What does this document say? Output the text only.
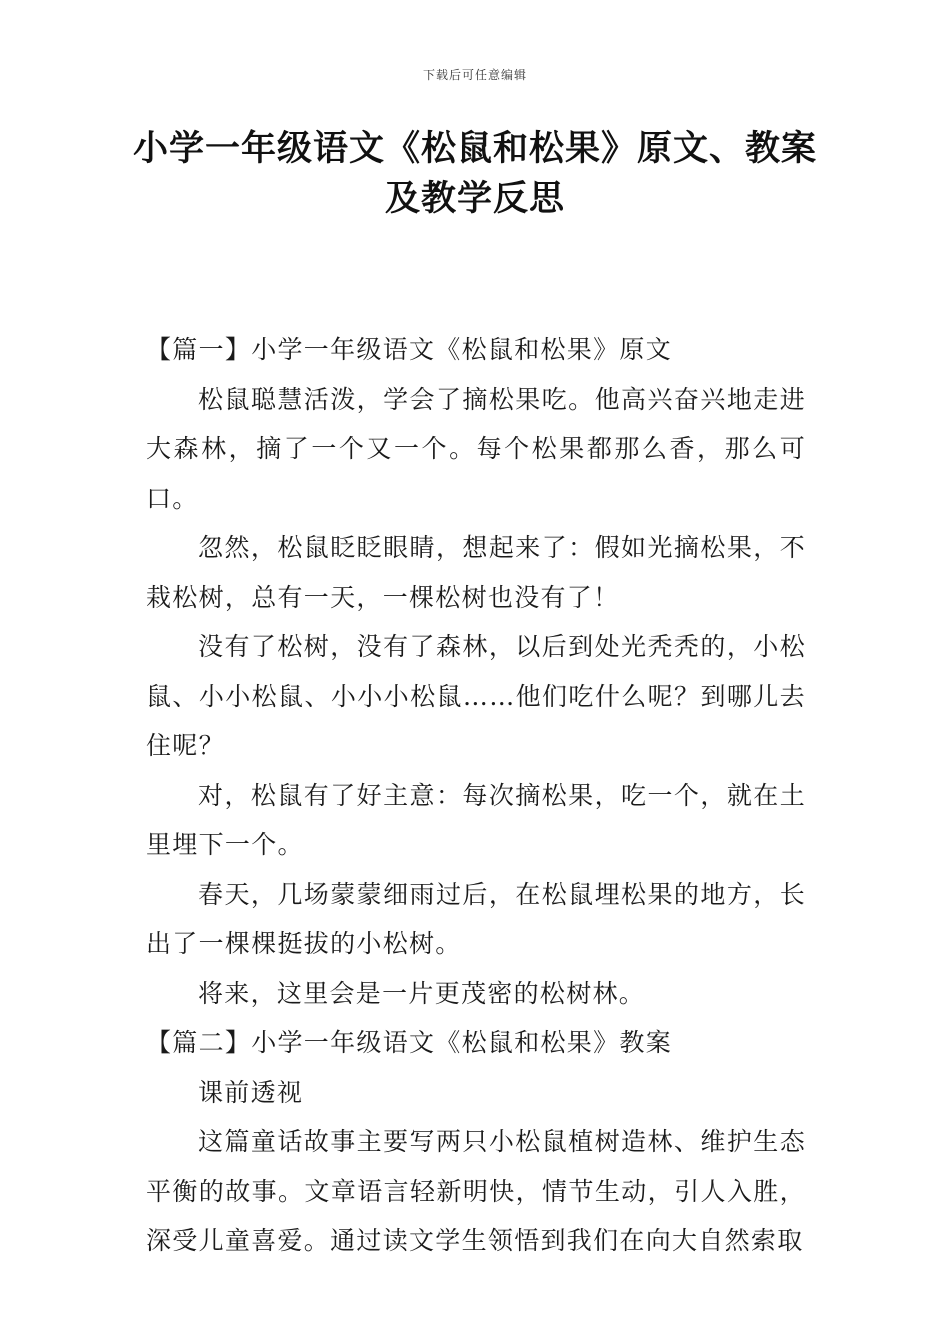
下载后可任意编辑
小学一年级语文《松鼠和松果》原文、教案及教学反思

【篇一】小学一年级语文《松鼠和松果》原文

松鼠聪慧活泼，学会了摘松果吃。他高兴奋兴地走进大森林，摘了一个又一个。每个松果都那么香，那么可口。

忽然，松鼠眨眨眼睛，想起来了：假如光摘松果，不栽松树，总有一天，一棵松树也没有了！

没有了松树，没有了森林，以后到处光秃秃的，小松鼠、小小松鼠、小小小松鼠……他们吃什么呢？到哪儿去住呢？

对，松鼠有了好主意：每次摘松果，吃一个，就在土里埋下一个。

春天，几场蒙蒙细雨过后，在松鼠埋松果的地方，长出了一棵棵挺拔的小松树。

将来，这里会是一片更茂密的松树林。

【篇二】小学一年级语文《松鼠和松果》教案

课前透视

这篇童话故事主要写两只小松鼠植树造林、维护生态平衡的故事。文章语言轻新明快，情节生动，引人入胜，深受儿童喜爱。通过读文学生领悟到我们在向大自然索取
